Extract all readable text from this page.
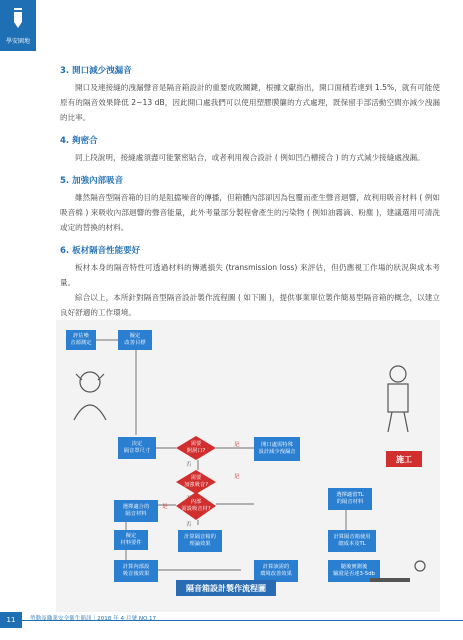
學安園地
3. 開口減少洩漏音
開口及連接縫的洩漏聲音是隔音箱設計的重要成敗關鍵，根據文獻指出，開口面積若達到 1.5%，就有可能使原有的隔音效果降低 2~13 dB，因此開口處我們可以使用塑膠膜簾的方式處理，既保留手部活動空間亦減少洩漏的比率。
4. 夠密合
同上段說明，接縫處須盡可能緊密貼合，或者利用複合設計 ( 例如凹凸槽接合 ) 的方式減少接縫處洩漏。
5. 加強內部吸音
雖然隔音型隔音箱的目的是阻擋噪音的傳播，但箱體內部卻因為包覆而產生聲音迴響，故利用吸音材料 ( 例如吸音棉 ) 來吸收內部迴響的聲音能量，此外考量部分製程會產生的污染物 ( 例如油霧滴、粉塵 )，建議選用可清洗或定的替換的材料。
6. 板材隔音性能要好
板材本身的隔音特性可透過材料的傳遞損失 (transmission loss) 來評估，但仍應視工作場的狀況與成本考量。
綜合以上，本所針對隔音型隔音設計製作流程圖 ( 如下圖 )，提供事業單位製作簡易型隔音箱的概念，以建立良好舒適的工作環境。
評估噪
音源測定
擬定
改善目標
決定
隔音罩尺寸
需要
開洞口?
是	開口處需特殊
設計減少洩漏音
否
需要
加強吸音?
是
選擇適合的
隔音材料
是
內部
需設吸音材?
否
擬定
材料要件
計算隔音箱的
理論效果
計算內部設
吸音後效果
計算該需的
環境改善效果
選擇適當TL
的隔音材料
計算隔音箱使用
總成本及TL
隨後實測後
驗證是否達3-5db
施工
隔音箱設計製作流程圖
11	勞動及職業安全衛生簡訊｜2018 年 4 月號 NO.17
